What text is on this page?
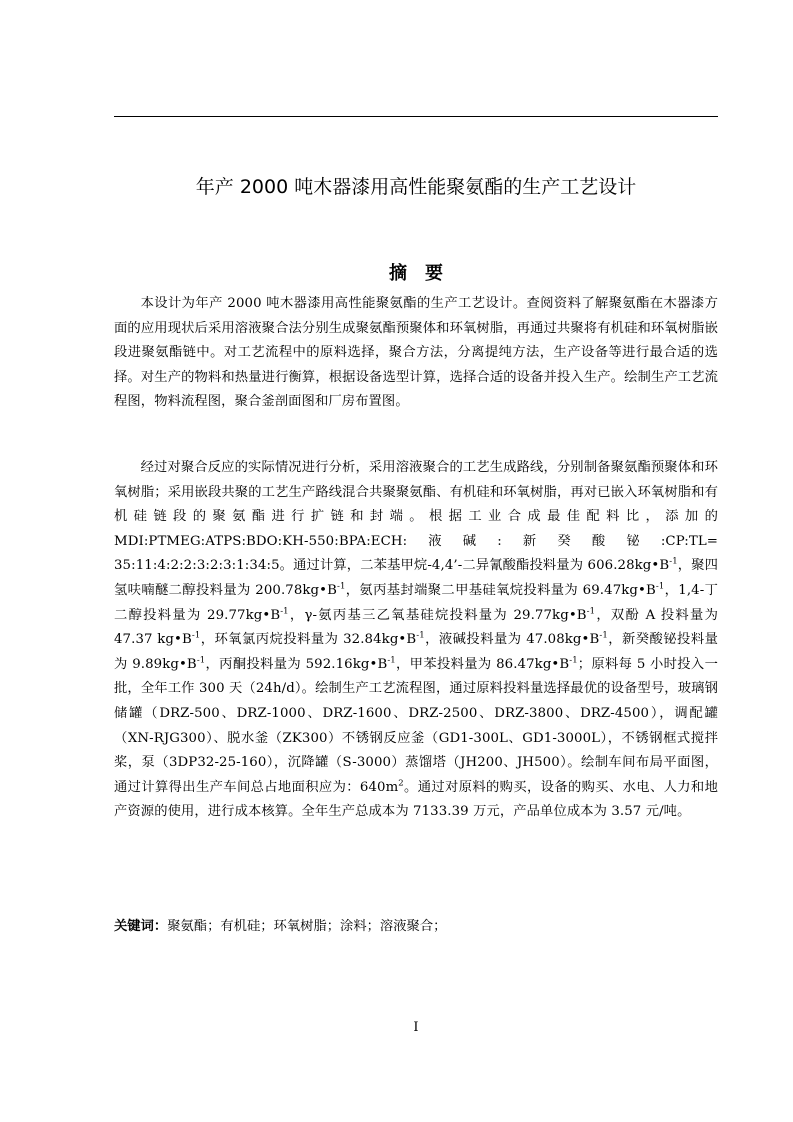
年产 2000 吨木器漆用高性能聚氨酯的生产工艺设计
摘　要

本设计为年产 2000 吨木器漆用高性能聚氨酯的生产工艺设计。查阅资料了解聚氨酯在木器漆方面的应用现状后采用溶液聚合法分别生成聚氨酯预聚体和环氧树脂，再通过共聚将有机硅和环氧树脂嵌段进聚氨酯链中。对工艺流程中的原料选择，聚合方法，分离提纯方法，生产设备等进行最合适的选择。对生产的物料和热量进行衡算，根据设备选型计算，选择合适的设备并投入生产。绘制生产工艺流程图，物料流程图，聚合釜剖面图和厂房布置图。

经过对聚合反应的实际情况进行分析，采用溶液聚合的工艺生成路线，分别制备聚氨酯预聚体和环氧树脂；采用嵌段共聚的工艺生产路线混合共聚聚氨酯、有机硅和环氧树脂，再对已嵌入环氧树脂和有机硅链段的聚氨酯进行扩链和封端。根据工业合成最佳配料比，添加的 MDI:PTMEG:ATPS:BDO:KH-550:BPA:ECH:液碱:新癸酸铋:CP:TL= 35:11:4:2:2:3:2:3:1:34:5。通过计算，二苯基甲烷-4,4’-二异氰酸酯投料量为 $606.28kg•B^{-1}$，聚四氢呋喃醚二醇投料量为 $200.78kg•B^{-1}$，氨丙基封端聚二甲基硅氧烷投料量为 $69.47kg•B^{-1}$，1,4-丁二醇投料量为 $29.77kg•B^{-1}$，γ-氨丙基三乙氧基硅烷投料量为 $29.77kg•B^{-1}$，双酚 A 投料量为 47.37 $kg•B^{-1}$，环氧氯丙烷投料量为 $32.84kg•B^{-1}$，液碱投料量为 $47.08kg•B^{-1}$，新癸酸铋投料量为 $9.89kg•B^{-1}$，丙酮投料量为 $592.16kg•B^{-1}$，甲苯投料量为 $86.47kg•B^{-1}$；原料每 5 小时投入一批，全年工作 300 天（24h/d）。绘制生产工艺流程图，通过原料投料量选择最优的设备型号，玻璃钢储罐（DRZ-500、DRZ-1000、DRZ-1600、DRZ-2500、DRZ-3800、DRZ-4500），调配罐（XN-RJG300）、脱水釜（ZK300）不锈钢反应釜（GD1-300L、GD1-3000L），不锈钢框式搅拌桨，泵（3DP32-25-160），沉降罐（S-3000）蒸馏塔（JH200、JH500）。绘制车间布局平面图，通过计算得出生产车间总占地面积应为：$640m^2$。通过对原料的购买，设备的购买、水电、人力和地产资源的使用，进行成本核算。全年生产总成本为 7133.39 万元，产品单位成本为 3.57 元/吨。

关键词：聚氨酯；有机硅；环氧树脂；涂料；溶液聚合；
I
